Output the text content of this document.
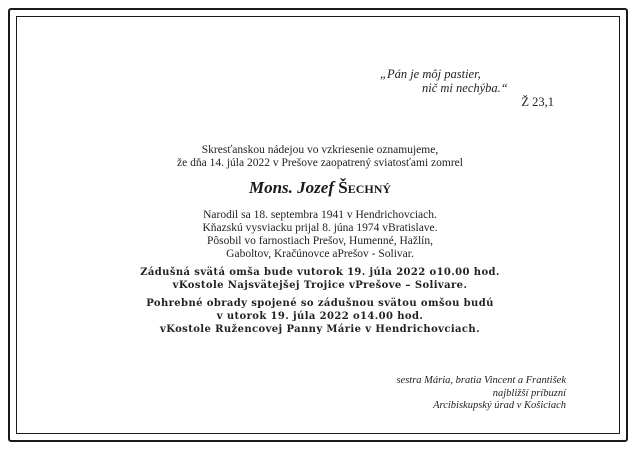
„Pán je môj pastier,
nič mi nechýba.“
Ž 23,1
Skresťanskou nádejou vo vzkriesenie oznamujeme,
že dňa 14. júla 2022 v Prešove zaopatrený sviatosťami zomrel
Mons. Jozef Šechný
Narodil sa 18. septembra 1941 v Hendrichovciach.
Kňazskú vysviacku prijal 8. júna 1974 vBratislave.
Pôsobil vo farnostiach Prešov, Humenné, Hažlín,
Gaboltov, Kračúnovce aPrešov - Solivar.
Zádušná svätá omša bude vutorok 19. júla 2022 o10.00 hod.
vKostole Najsvätejšej Trojice vPrešove – Solivare.
Pohrebné obrady spojené so zádušnou svätou omšou budú
v utorok 19. júla 2022 o14.00 hod.
vKostole Ružencovej Panny Márie v Hendrichovciach.
sestra Mária, bratia Vincent a František
najbližší príbuzní
Arcibiskupský úrad v Košiciach
